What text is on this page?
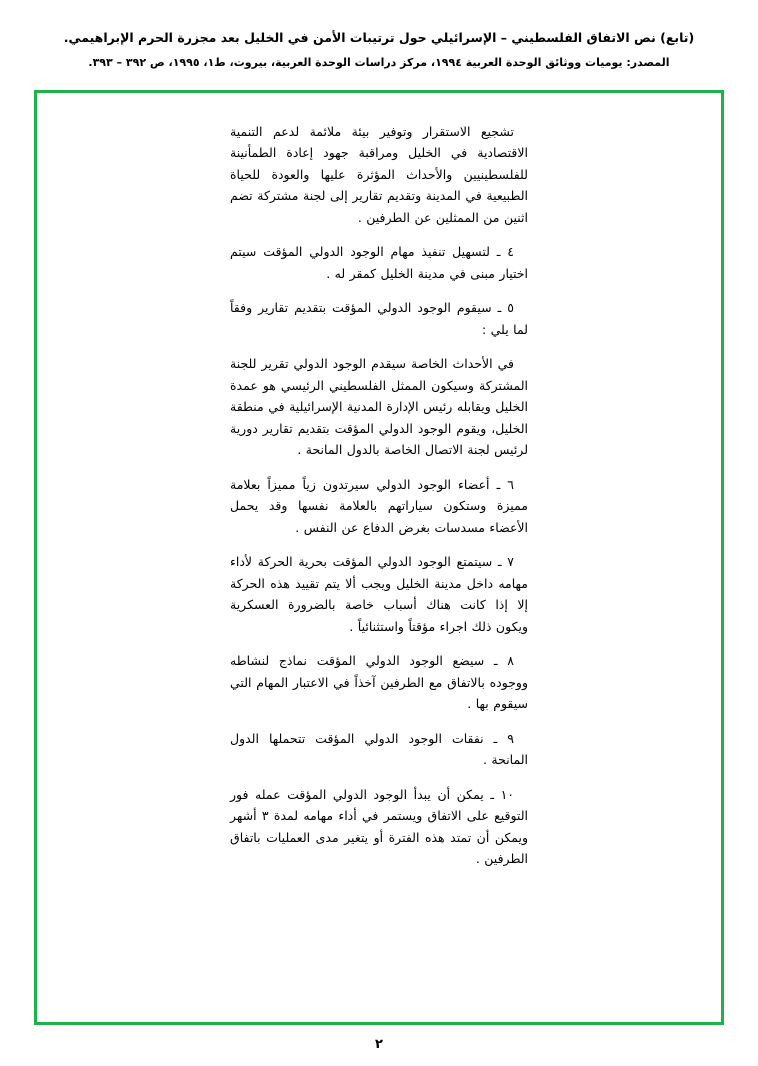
(تابع) نص الاتفاق الفلسطيني – الإسرائيلي حول ترتيبات الأمن في الخليل بعد مجزرة الحرم الإبراهيمي.
المصدر: يوميات ووثائق الوحدة العربية ١٩٩٤، مركز دراسات الوحدة العربية، بيروت، ط١، ١٩٩٥، ص ٣٩٢ – ٣٩٣.

تشجيع الاستقرار وتوفير بيئة ملائمة لدعم التنمية الاقتصادية في الخليل ومراقبة جهود إعادة الطمأنينة للفلسطينيين والأحداث المؤثرة عليها والعودة للحياة الطبيعية في المدينة وتقديم تقارير إلى لجنة مشتركة تضم اثنين من الممثلين عن الطرفين .

٤ ـ لتسهيل تنفيذ مهام الوجود الدولي المؤقت سيتم اختيار مبنى في مدينة الخليل كمقر له .

٥ ـ سيقوم الوجود الدولي المؤقت بتقديم تقارير وفقاً لما يلي :

في الأحداث الخاصة سيقدم الوجود الدولي تقرير للجنة المشتركة وسيكون الممثل الفلسطيني الرئيسي هو عمدة الخليل ويقابله رئيس الإدارة المدنية الإسرائيلية في منطقة الخليل، ويقوم الوجود الدولي المؤقت بتقديم تقارير دورية لرئيس لجنة الاتصال الخاصة بالدول المانحة .

٦ ـ أعضاء الوجود الدولي سيرتدون زياً مميزاً بعلامة مميزة وستكون سياراتهم بالعلامة نفسها وقد يحمل الأعضاء مسدسات بغرض الدفاع عن النفس .

٧ ـ سيتمتع الوجود الدولي المؤقت بحرية الحركة لأداء مهامه داخل مدينة الخليل ويجب ألا يتم تقييد هذه الحركة إلا إذا كانت هناك أسباب خاصة بالضرورة العسكرية ويكون ذلك اجراء مؤقتاً واستثنائياً .

٨ ـ سيضع الوجود الدولي المؤقت نماذج لنشاطه ووجوده بالاتفاق مع الطرفين آخذاً في الاعتبار المهام التي سيقوم بها .

٩ ـ نفقات الوجود الدولي المؤقت تتحملها الدول المانحة .

١٠ ـ يمكن أن يبدأ الوجود الدولي المؤقت عمله فور التوقيع على الاتفاق ويستمر في أداء مهامه لمدة ٣ أشهر ويمكن أن تمتد هذه الفترة أو يتغير مدى العمليات باتفاق الطرفين .

٢
